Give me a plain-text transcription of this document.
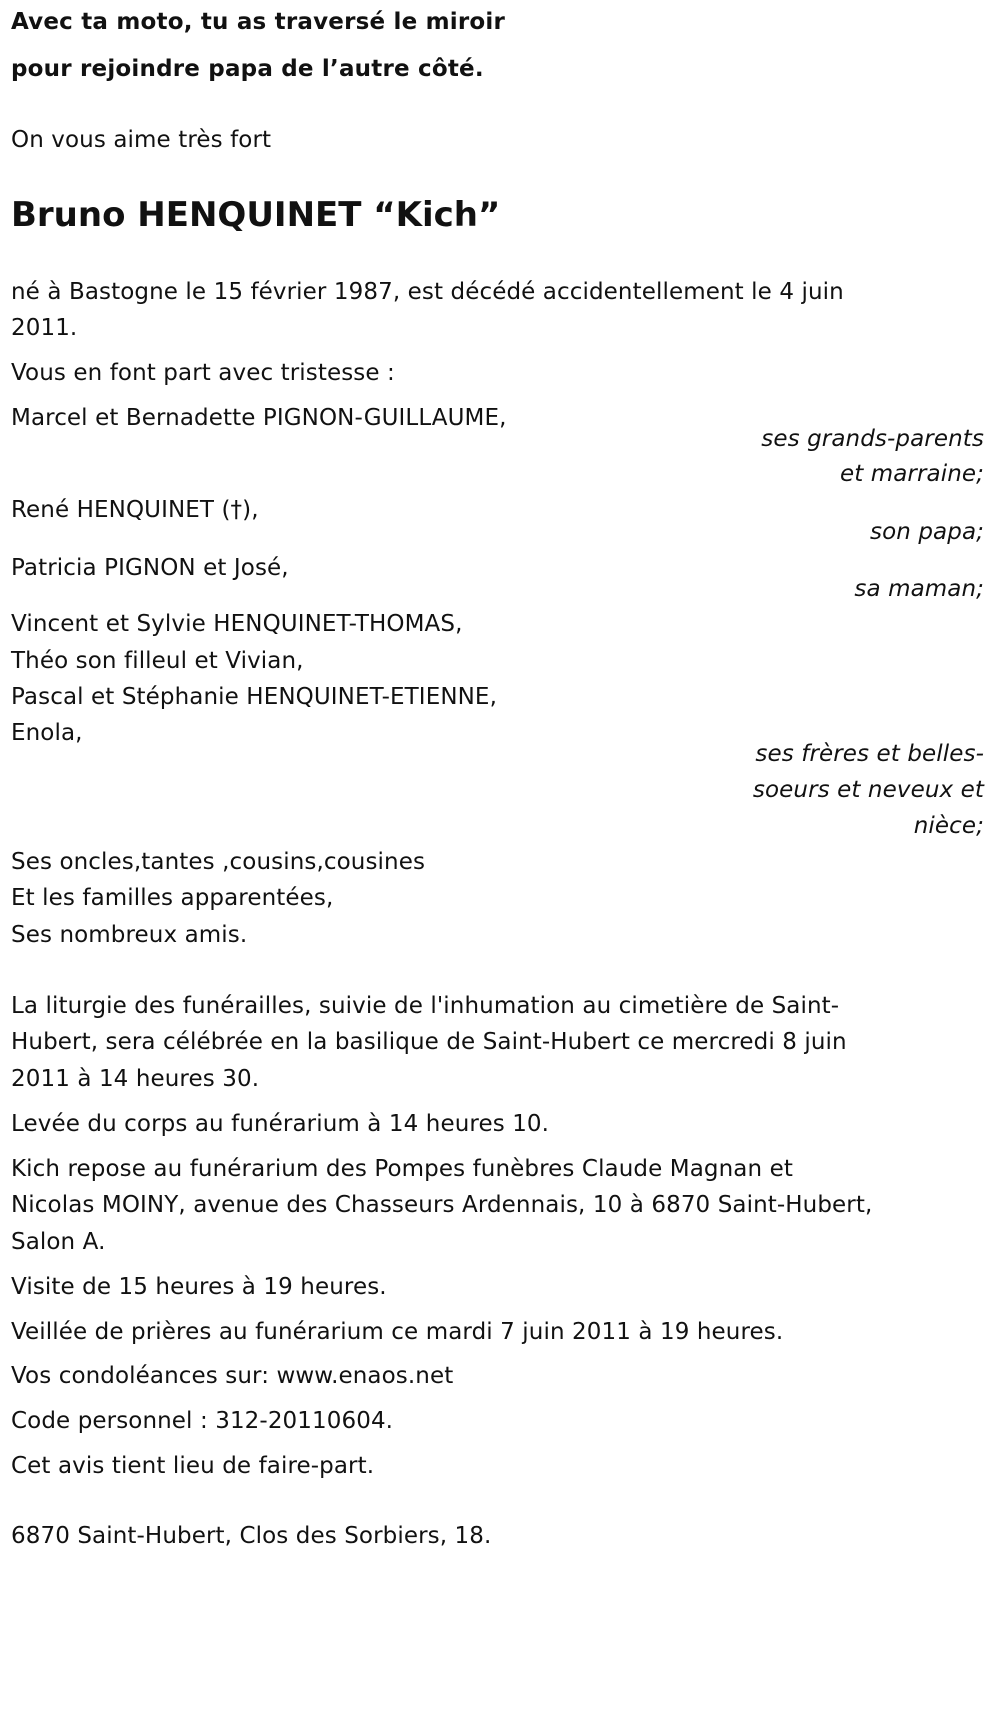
Avec ta moto, tu as traversé le miroir
pour rejoindre papa de l’autre côté.
On vous aime très fort
Bruno HENQUINET “Kich”
né à Bastogne le 15 février 1987, est décédé accidentellement le 4 juin
2011.
Vous en font part avec tristesse :
Marcel et Bernadette PIGNON-GUILLAUME,
ses grands-parents
et marraine;
René HENQUINET (†),
son papa;
Patricia PIGNON et José,
sa maman;
Vincent et Sylvie HENQUINET-THOMAS,
Théo son filleul et Vivian,
Pascal et Stéphanie HENQUINET-ETIENNE,
Enola,
ses frères et belles-
soeurs et neveux et
nièce;
Ses oncles,tantes ,cousins,cousines
Et les familles apparentées,
Ses nombreux amis.
La liturgie des funérailles, suivie de l'inhumation au cimetière de Saint-
Hubert, sera célébrée en la basilique de Saint-Hubert ce mercredi 8 juin
2011 à 14 heures 30.
Levée du corps au funérarium à 14 heures 10.
Kich repose au funérarium des Pompes funèbres Claude Magnan et
Nicolas MOINY, avenue des Chasseurs Ardennais, 10 à 6870 Saint-Hubert,
Salon A.
Visite de 15 heures à 19 heures.
Veillée de prières au funérarium ce mardi 7 juin 2011 à 19 heures.
Vos condoléances sur: www.enaos.net
Code personnel : 312-20110604.
Cet avis tient lieu de faire-part.
6870 Saint-Hubert, Clos des Sorbiers, 18.
